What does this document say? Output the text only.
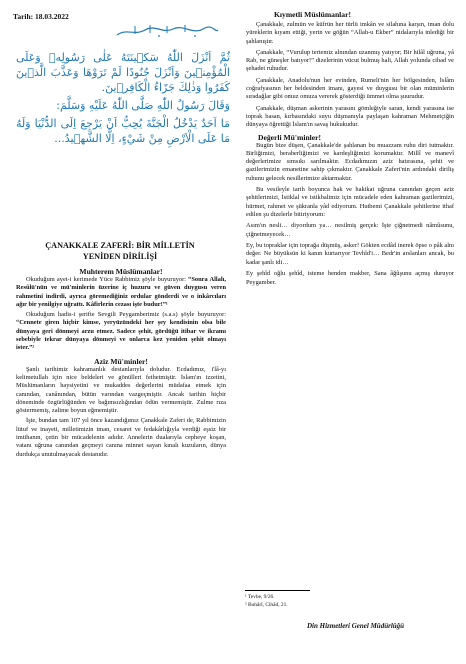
Tarih: 18.03.2022

ثُمَّ اَنْزَلَ اللّٰهُ سَكٖينَتَهُ عَلٰى رَسُولِهٖ وَعَلَى الْمُؤْمِنٖينَ وَاَنْزَلَ جُنُودًا لَمْ تَرَوْهَا وَعَذَّبَ الَّذٖينَ كَفَرُوا وَذٰلِكَ جَزَٓاءُ الْكَافِرٖينَ.

وَقَالَ رَسُولُ اللّٰهِ صَلَّى اللّٰهُ عَلَيْهِ وَسَلَّمَ:

مَا اَحَدٌ يَدْخُلُ الْجَنَّةَ يُحِبُّ اَنْ يَرْجِعَ اِلَى الدُّنْيَا وَلَهُ مَا عَلَى الْاَرْضِ مِنْ شَيْءٍ، اِلَّا الشَّهٖيدُ...

ÇANAKKALE ZAFERİ: BİR MİLLETİN
YENİDEN DİRİLİŞİ

Muhterem Müslümanlar!

Okuduğum ayet-i kerimede Yüce Rabbimiz şöyle buyuruyor: “Sonra Allah, Resûlü'nün ve mü'minlerin üzerine iç huzuru ve güven duygusu veren rahmetini indirdi, ayrıca göremediğiniz ordular gönderdi ve o inkârcıları ağır bir yenilgiye uğrattı. Kâfirlerin cezası işte budur!”¹

Okuduğum hadis-i şerifte Sevgili Peygamberimiz (s.a.s) şöyle buyuruyor: “Cennete giren hiçbir kimse, yeryüzündeki her şey kendisinin olsa bile dünyaya geri dönmeyi arzu etmez. Sadece şehit, gördüğü itibar ve ikramı sebebiyle tekrar dünyaya dönmeyi ve onlarca kez yeniden şehit olmayı ister.”²

Aziz Mü'minler!

Şanlı tarihimiz kahramanlık destanlarıyla doludur. Ecdadımız, i'lâ-yı kelimetullah için nice beldeleri ve gönülleri fethetmiştir. İslam'ın izzetini, Müslümanların haysiyetini ve mukaddes değerlerini müdafaa etmek için canından, canânından, bütün varından vazgeçmiştir. Ancak tarihin hiçbir döneminde özgürlüğünden ve bağımsızlığından ödün vermemiştir. Zulme rıza göstermemiş, zalime boyun eğmemiştir.

İşte, bundan tam 107 yıl önce kazandığımız Çanakkale Zaferi de, Rabbimizin lütuf ve inayeti, milletimizin iman, cesaret ve fedakârlığıyla verdiği eşsiz bir imtihanın, çetin bir mücadelenin adıdır. Annelerin dualarıyla cepheye koşan, vatanı uğruna canından geçmeyi canına minnet sayan kınalı kuzuların, dünya durdukça unutulmayacak destanıdır.

Kıymetli Müslümanlar!

Çanakkale, zulmün ve küfrün her türlü imkân ve silahına karşın, iman dolu yüreklerin kıyam ettiği, yerin ve göğün “Allah-u Ekber” nidalarıyla inlediği bir şahlanıştır.

Çanakkale, “Vurulup tertemiz alnından uzanmış yatıyor; Bir hilâl uğruna, yâ Rab, ne güneşler batıyor!” dizelerinin vücut bulmuş hali, Allah yolunda cihad ve şehadet ruhudur.

Çanakkale, Anadolu'nun her evinden, Rumeli'nin her bölgesinden, İslâm coğrafyasının her beldesinden imanı, gayesi ve duygusu bir olan müminlerin sıradağlar gibi omuz omuza vererek gösterdiği ümmet olma şuurudur.

Çanakkale, düşman askerinin yarasını gömleğiyle saran, kendi yarasına ise toprak basan, kırbasındaki suyu düşmanıyla paylaşan kahraman Mehmetçiğin dünyaya öğrettiği İslam'ın savaş hukukudur.

Değerli Mü'minler!

Bugün bize düşen, Çanakkale'de şahlanan bu muazzam ruhu diri tutmaktır. Birliğimizi, beraberliğimizi ve kardeşliğimizi korumaktır. Millî ve manevî değerlerimize sımsıkı sarılmaktır. Ecdadımızın aziz hatırasına, şehit ve gazilerimizin emanetine sahip çıkmaktır. Çanakkale Zaferi'nin ardındaki diriliş ruhunu gelecek nesillerimize aktarmaktır.

Bu vesileyle tarih boyunca hak ve hakikat uğruna canından geçen aziz şehitlerimizi, İstiklal ve istikbalimiz için mücadele eden kahraman gazilerimizi, hürmet, rahmet ve şükranla yâd ediyorum. Hutbemi Çanakkale şehitlerine ithaf edilen şu dizelerle bitiriyorum:

Asım'ın nesli… diyordum ya… nesilmiş gerçek: İşte çiğnetmedi nâmûsunu, çiğnetmeyecek…

Ey, bu topraklar için toprağa düşmüş, asker! Gökten ecdâd inerek öpse o pâk alnı değer. Ne büyüksün ki kanın kurtarıyor Tevhîd'i… Bedr'in arslanları ancak, bu kadar şanlı idi…

Ey şehîd oğlu şehîd, isteme benden makber, Sana âğûşunu açmış duruyor Peygamber.

¹ Tevbe, 9/26.
² Buhârî, Cihâd, 21.
Din Hizmetleri Genel Müdürlüğü
